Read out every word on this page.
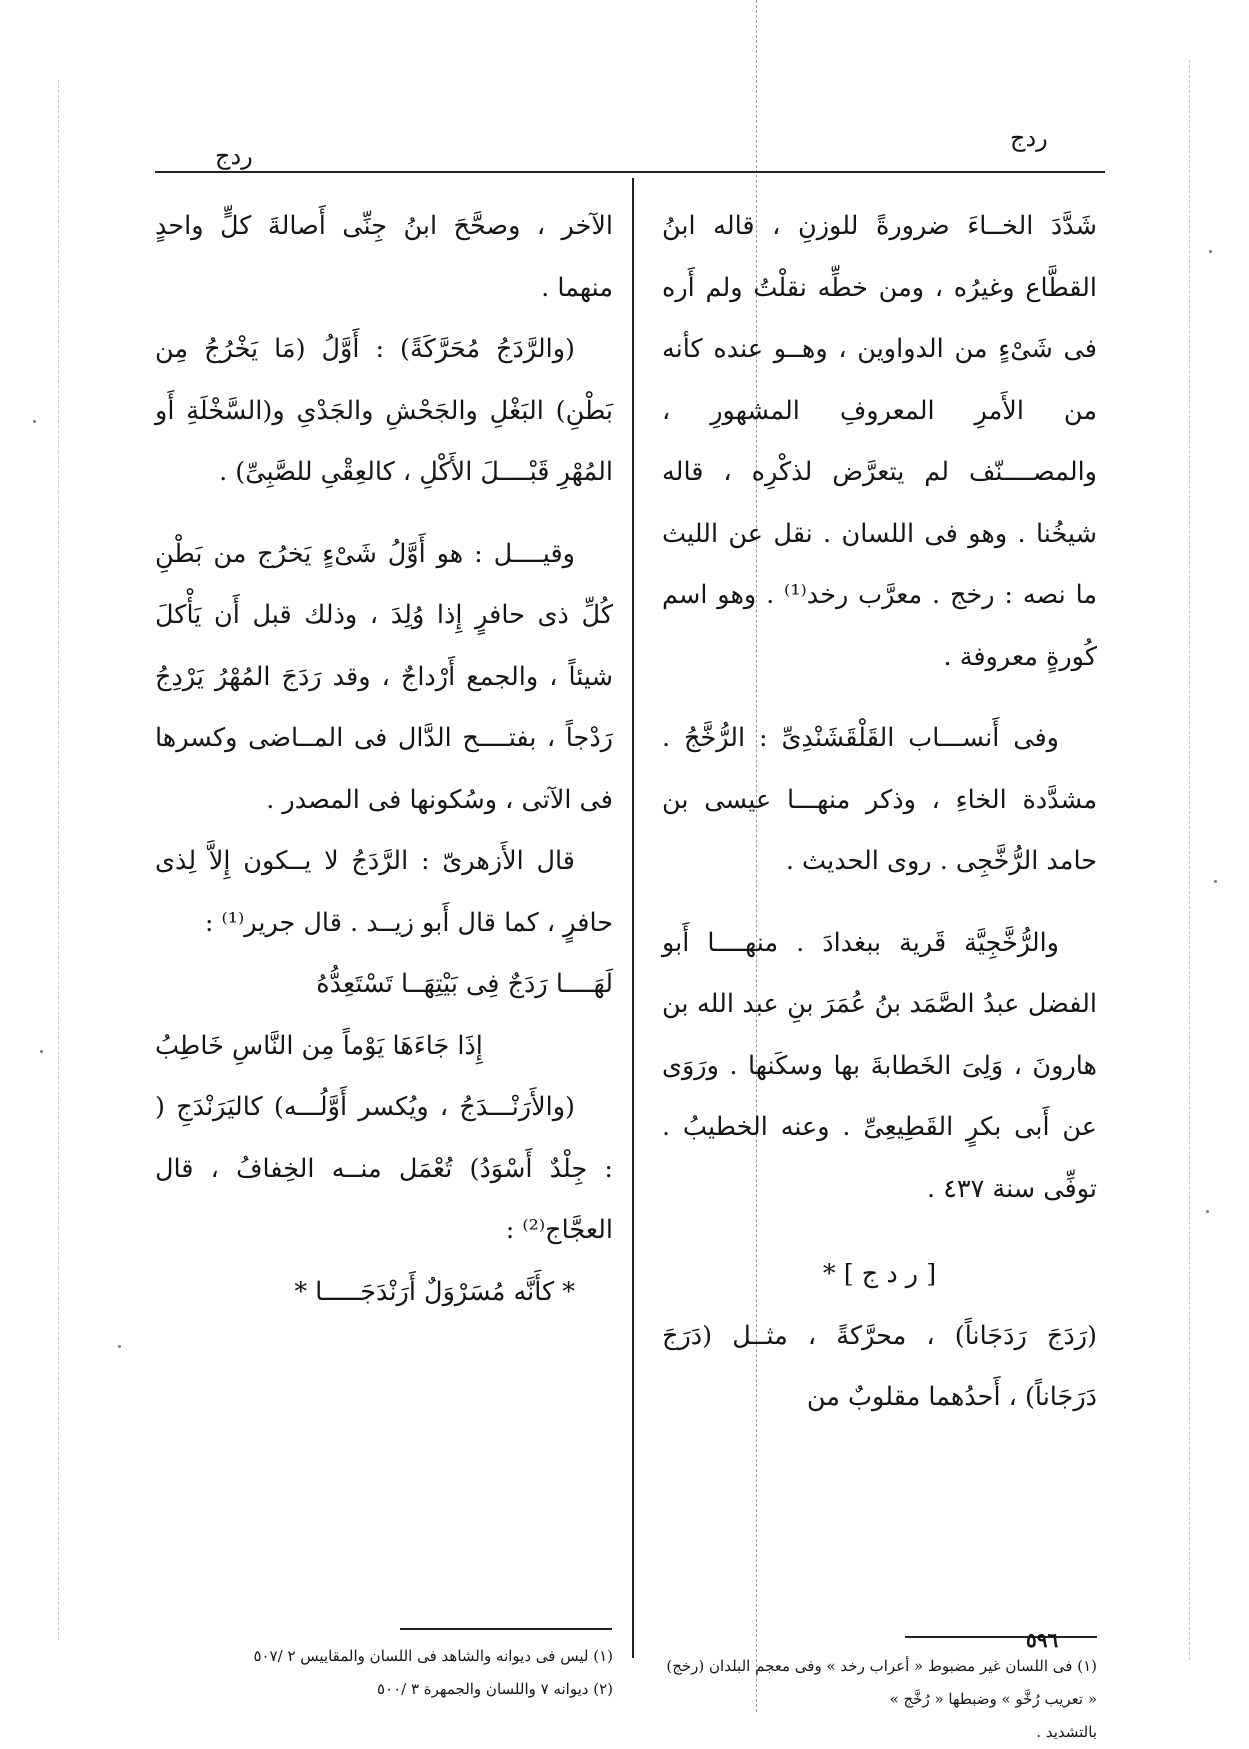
ردج
ردج

شَدَّدَ الخــاءَ ضرورةً للوزنِ ، قاله ابنُ القطَّاع وغيرُه ، ومن خطِّه نقلْتُ ولم أَره فى شَىْءٍ من الدواوين ، وهــو عنده كأنه من الأَمرِ المعروفِ المشهورِ ، والمصــــنّف لم يتعرَّض لذكْرِه ، قاله شيخُنا . وهو فى اللسان . نقل عن الليث ما نصه : رخج . معرَّب رخد⁽¹⁾ . وهو اسم كُورةٍ معروفة .

وفى أَنســـاب القَلْقَشَنْدِىِّ : الرُّخَّجُ . مشدَّدة الخاءِ ، وذكر منهـــا عيسى بن حامد الرُّخَّجِى . روى الحديث .

والرُّخَّجِيَّة قَرية ببغدادَ . منهــــا أَبو الفضل عبدُ الصَّمَد بنُ عُمَرَ بنِ عبد الله بن هارونَ ، وَلِىَ الخَطابةَ بها وسكَنها . ورَوَى عن أَبى بكرٍ القَطِيعِىِّ . وعنه الخطيبُ . توفِّى سنة ٤٣٧ .

[ ر د ج ] *

(رَدَجَ رَدَجَاناً) ، محرَّكةً ، مثــل (دَرَجَ دَرَجَاناً) ، أَحدُهما مقلوبٌ من

الآخر ، وصحَّحَ ابنُ جِنِّى أَصالةَ كلٍّ واحدٍ منهما .

(والرَّدَجُ مُحَرَّكَةً) : أَوَّلُ (مَا يَخْرُجُ مِن بَطْنِ) البَغْلِ والجَحْشِ والجَدْىِ و(السَّخْلَةِ أَو المُهْرِ قَبْــــلَ الأَكْلِ ، كالعِقْىِ للصَّبِىِّ) .

وقيــــل : هو أَوَّلُ شَىْءٍ يَخرُج من بَطْنِ كُلِّ ذى حافرٍ إِذا وُلِدَ ، وذلك قبل أَن يَأْكلَ شيئاً ، والجمع أَرْداجٌ ، وقد رَدَجَ المُهْرُ يَرْدِجُ رَدْجاً ، بفتــــح الدَّال فى المــاضى وكسرها فى الآتى ، وسُكونها فى المصدر .

قال الأَزهرىّ : الرَّدَجُ لا يــكون إِلاَّ لِذى حافرٍ ، كما قال أَبو زيــد . قال جرير⁽¹⁾ :

لَهَــــا رَدَجٌ فِى بَيْتِهَــا تَسْتَعِدُّهُ

إِذَا جَاءَهَا يَوْماً مِن النَّاسِ خَاطِبُ

(والأَرَنْـــدَجُ ، ويُكسر أَوَّلُـــه) كاليَرَنْدَجِ ( : جِلْدٌ أَسْوَدُ) تُعْمَل منــه الخِفافُ ، قال العجَّاج⁽²⁾ :

* كأَنَّه مُسَرْوَلٌ أَرَنْدَجَـــــا *

(١) فى اللسان غير مضبوط « أعراب رخد » وفى معجم البلدان (رخج) « تعريب رُخَّو » وضبطها « رُخَّج »

بالتشديد .

(١) ليس فى ديوانه والشاهد فى اللسان والمقاييس ٢ /٥٠٧

(٢) ديوانه ٧ واللسان والجمهرة ٣ /٥٠٠

٥٩٦
